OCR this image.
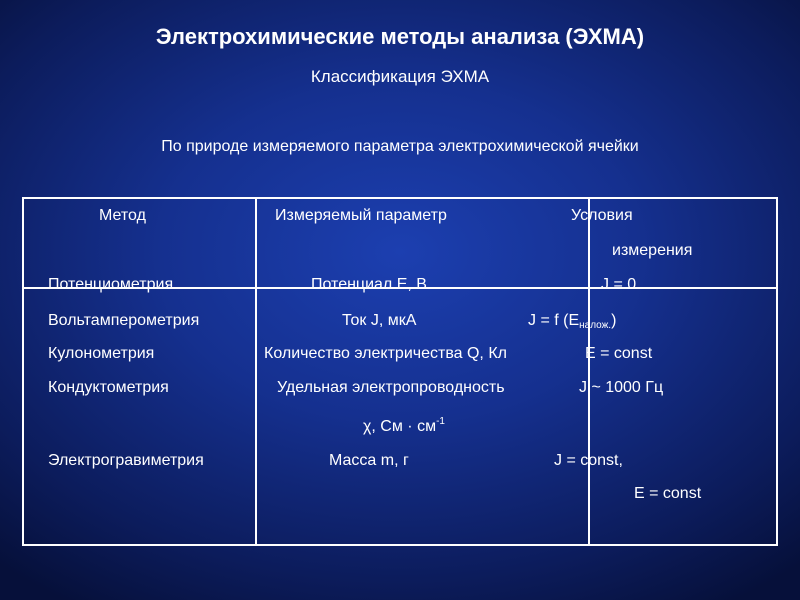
Электрохимические методы анализа (ЭХМА)
Классификация ЭХМА
По природе измеряемого параметра электрохимической ячейки
Метод	Измеряемый параметр	Условия
измерения
Потенциометрия	Потенциал E, В	J = 0
Вольтамперометрия	Ток J, мкА	J = f $(E_{налож.})$
Кулонометрия	Количество электричества Q, Кл	E = const
Кондуктометрия	Удельная электропроводность	J ~ 1000 Гц
χ, См · $см^{-1}$
Электрогравиметрия	Масса m, г	J = const,
E = const
